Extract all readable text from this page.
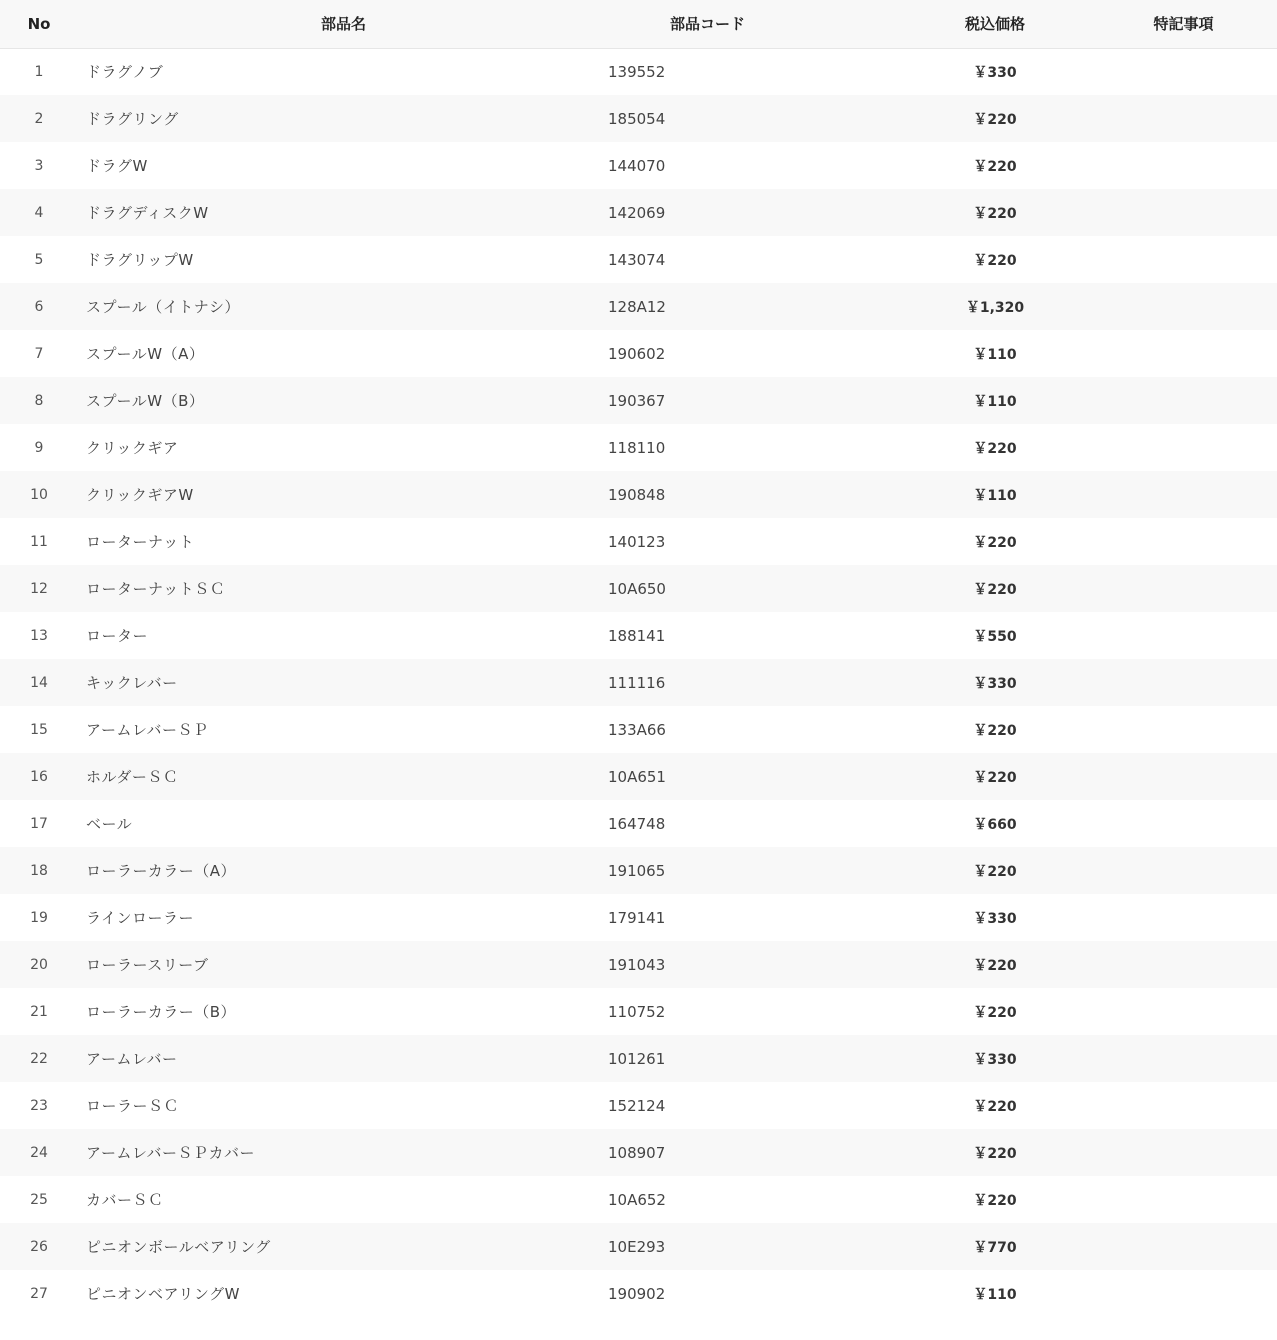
No	部品名	部品コード	税込価格	特記事項
1	ドラグノブ	139552	￥330	
2	ドラグリング	185054	￥220	
3	ドラグW	144070	￥220	
4	ドラグディスクW	142069	￥220	
5	ドラグリップW	143074	￥220	
6	スプール（イトナシ）	128A12	￥1,320	
7	スプールW（A）	190602	￥110	
8	スプールW（B）	190367	￥110	
9	クリックギア	118110	￥220	
10	クリックギアW	190848	￥110	
11	ローターナット	140123	￥220	
12	ローターナットＳＣ	10A650	￥220	
13	ローター	188141	￥550	
14	キックレバー	111116	￥330	
15	アームレバーＳＰ	133A66	￥220	
16	ホルダーＳＣ	10A651	￥220	
17	ベール	164748	￥660	
18	ローラーカラー（A）	191065	￥220	
19	ラインローラー	179141	￥330	
20	ローラースリーブ	191043	￥220	
21	ローラーカラー（B）	110752	￥220	
22	アームレバー	101261	￥330	
23	ローラーＳＣ	152124	￥220	
24	アームレバーＳＰカバー	108907	￥220	
25	カバーＳＣ	10A652	￥220	
26	ピニオンボールベアリング	10E293	￥770	
27	ピニオンベアリングW	190902	￥110	
